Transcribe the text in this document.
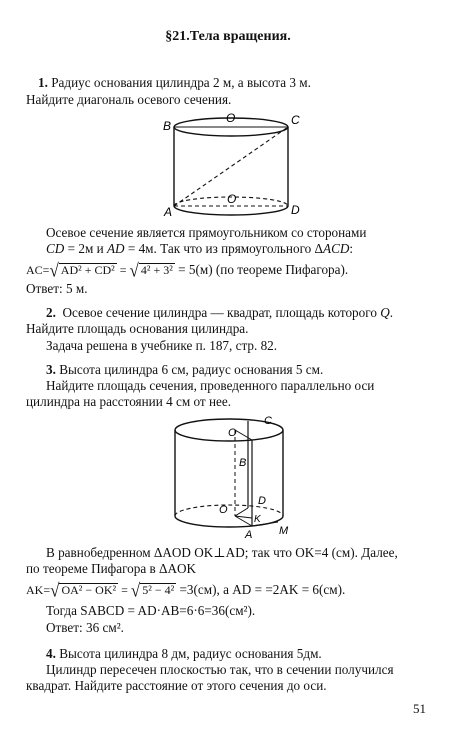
§21.Тела вращения.
1. Радиус основания цилиндра 2 м, а высота 3 м.
Найдите диагональ осевого сечения.
B
O	C
A
O
D
Осевое сечение является прямоугольником со сторонами
CD = 2м и AD = 4м. Так что из прямоугольного ΔACD:
AC=√ AD² + CD² = √ 4² + 3² = 5(м) (по теореме Пифагора).
Ответ: 5 м.
2. Осевое сечение цилиндра — квадрат, площадь которого Q.
Найдите площадь основания цилиндра.
Задача решена в учебнике п. 187, стр. 82.
3. Высота цилиндра 6 см, радиус основания 5 см.
Найдите площадь сечения, проведенного параллельно оси
цилиндра на расстоянии 4 см от нее.
O
C
B
D
O
K
A M
В равнобедренном ΔAOD OK⊥AD; так что OK=4 (см). Далее,
по теореме Пифагора в ΔAOK
AK=√ OA² − OK² = √ 5² − 4² =3(см), а AD = =2AK = 6(см).
Тогда SABCD = AD·AB=6·6=36(см²).
Ответ: 36 см².
4. Высота цилиндра 8 дм, радиус основания 5дм.
Цилиндр пересечен плоскостью так, что в сечении получился
квадрат. Найдите расстояние от этого сечения до оси.
51
